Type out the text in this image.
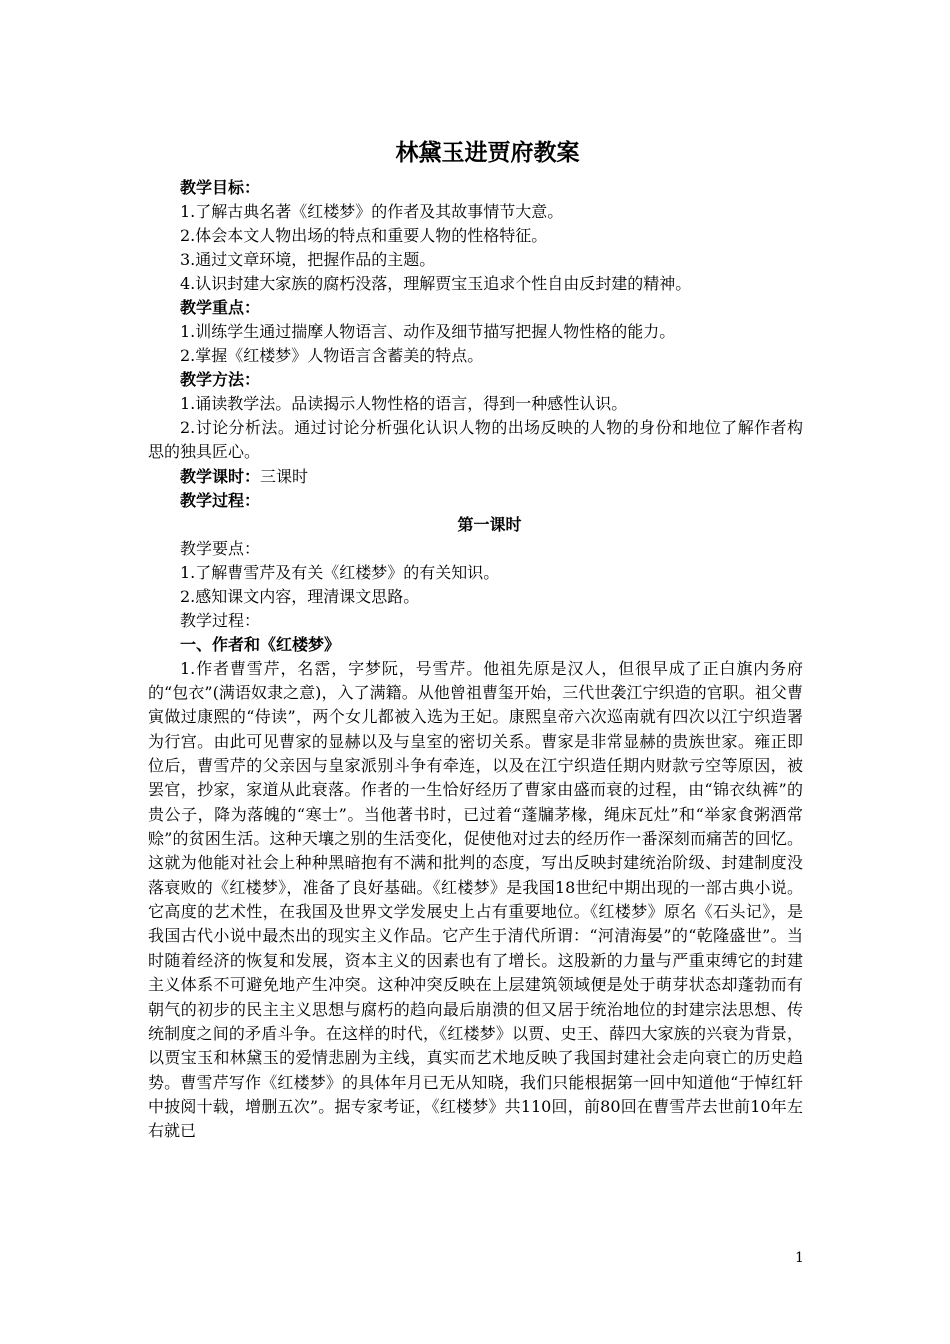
林黛玉进贾府教案
教学目标：
1.了解古典名著《红楼梦》的作者及其故事情节大意。
2.体会本文人物出场的特点和重要人物的性格特征。
3.通过文章环境，把握作品的主题。
4.认识封建大家族的腐朽没落，理解贾宝玉追求个性自由反封建的精神。
教学重点：
1.训练学生通过揣摩人物语言、动作及细节描写把握人物性格的能力。
2.掌握《红楼梦》人物语言含蓄美的特点。
教学方法：
1.诵读教学法。品读揭示人物性格的语言，得到一种感性认识。

2.讨论分析法。通过讨论分析强化认识人物的出场反映的人物的身份和地位了解作者构思的独具匠心。

教学课时：三课时
教学过程：
第一课时
教学要点：
1.了解曹雪芹及有关《红楼梦》的有关知识。
2.感知课文内容，理清课文思路。
教学过程：
一、作者和《红楼梦》

1.作者曹雪芹，名霑，字梦阮，号雪芹。他祖先原是汉人，但很早成了正白旗内务府的“包衣”(满语奴隶之意)，入了满籍。从他曾祖曹玺开始，三代世袭江宁织造的官职。祖父曹寅做过康熙的“侍读”，两个女儿都被入选为王妃。康熙皇帝六次巡南就有四次以江宁织造署为行宫。由此可见曹家的显赫以及与皇室的密切关系。曹家是非常显赫的贵族世家。雍正即位后，曹雪芹的父亲因与皇家派别斗争有牵连，以及在江宁织造任期内财款亏空等原因，被罢官，抄家，家道从此衰落。作者的一生恰好经历了曹家由盛而衰的过程，由“锦衣纨裤”的贵公子，降为落魄的“寒士”。当他著书时，已过着“蓬牖茅椽，绳床瓦灶”和“举家食粥酒常赊”的贫困生活。这种天壤之别的生活变化，促使他对过去的经历作一番深刻而痛苦的回忆。这就为他能对社会上种种黑暗抱有不满和批判的态度，写出反映封建统治阶级、封建制度没落衰败的《红楼梦》，准备了良好基础。《红楼梦》是我国18世纪中期出现的一部古典小说。它高度的艺术性，在我国及世界文学发展史上占有重要地位。《红楼梦》原名《石头记》，是我国古代小说中最杰出的现实主义作品。它产生于清代所谓：“河清海晏”的“乾隆盛世”。当时随着经济的恢复和发展，资本主义的因素也有了增长。这股新的力量与严重束缚它的封建主义体系不可避免地产生冲突。这种冲突反映在上层建筑领域便是处于萌芽状态却蓬勃而有朝气的初步的民主主义思想与腐朽的趋向最后崩溃的但又居于统治地位的封建宗法思想、传统制度之间的矛盾斗争。在这样的时代，《红楼梦》以贾、史王、薛四大家族的兴衰为背景，以贾宝玉和林黛玉的爱情悲剧为主线，真实而艺术地反映了我国封建社会走向衰亡的历史趋势。曹雪芹写作《红楼梦》的具体年月已无从知晓，我们只能根据第一回中知道他“于悼红轩中披阅十载，增删五次”。据专家考证，《红楼梦》共110回，前80回在曹雪芹去世前10年左右就已

1
